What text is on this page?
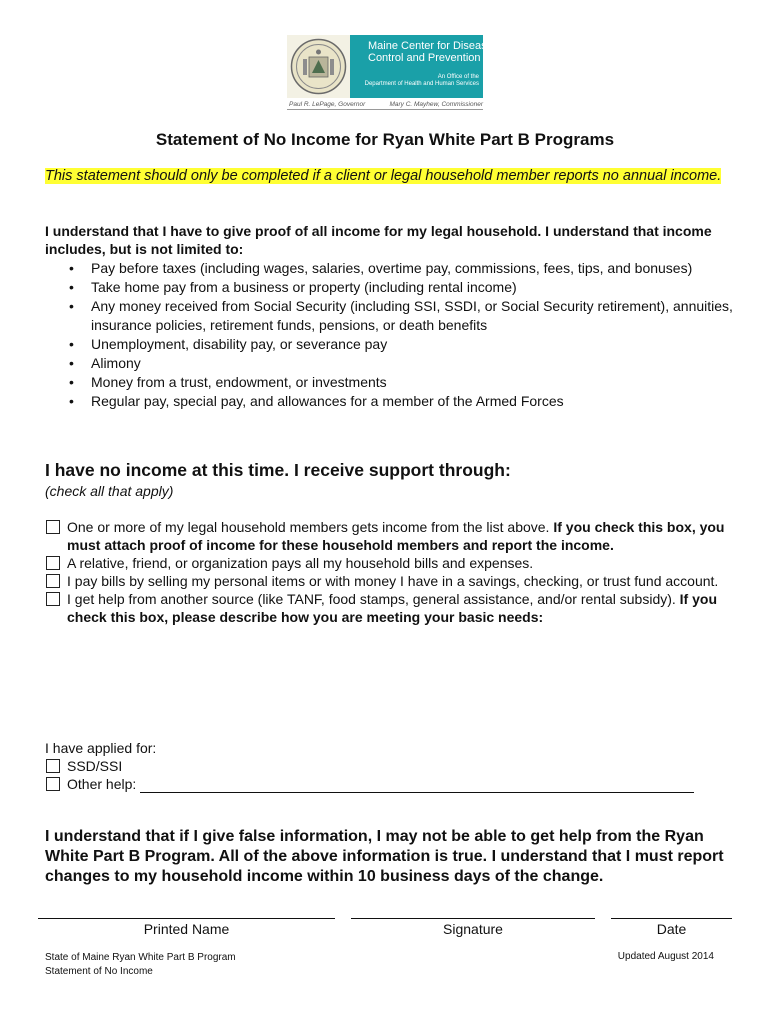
Maine Center for Disease
Control and Prevention
An Office of the
Department of Health and Human Services
Paul R. LePage, Governor	Mary C. Mayhew, Commissioner
Statement of No Income for Ryan White Part B Programs
This statement should only be completed if a client or legal household member reports no annual income.
I understand that I have to give proof of all income for my legal household. I understand that income includes, but is not limited to:
• Pay before taxes (including wages, salaries, overtime pay, commissions, fees, tips, and bonuses)
• Take home pay from a business or property (including rental income)
• Any money received from Social Security (including SSI, SSDI, or Social Security retirement), annuities, insurance policies, retirement funds, pensions, or death benefits
• Unemployment, disability pay, or severance pay
• Alimony
• Money from a trust, endowment, or investments
• Regular pay, special pay, and allowances for a member of the Armed Forces
I have no income at this time. I receive support through:
(check all that apply)
One or more of my legal household members gets income from the list above. If you check this box, you must attach proof of income for these household members and report the income.
A relative, friend, or organization pays all my household bills and expenses.
I pay bills by selling my personal items or with money I have in a savings, checking, or trust fund account.
I get help from another source (like TANF, food stamps, general assistance, and/or rental subsidy). If you check this box, please describe how you are meeting your basic needs:
I have applied for:
SSD/SSI
Other help:
I understand that if I give false information, I may not be able to get help from the Ryan White Part B Program. All of the above information is true. I understand that I must report changes to my household income within 10 business days of the change.
Printed Name	Signature	Date
State of Maine Ryan White Part B Program
Statement of No Income
Updated August 2014
